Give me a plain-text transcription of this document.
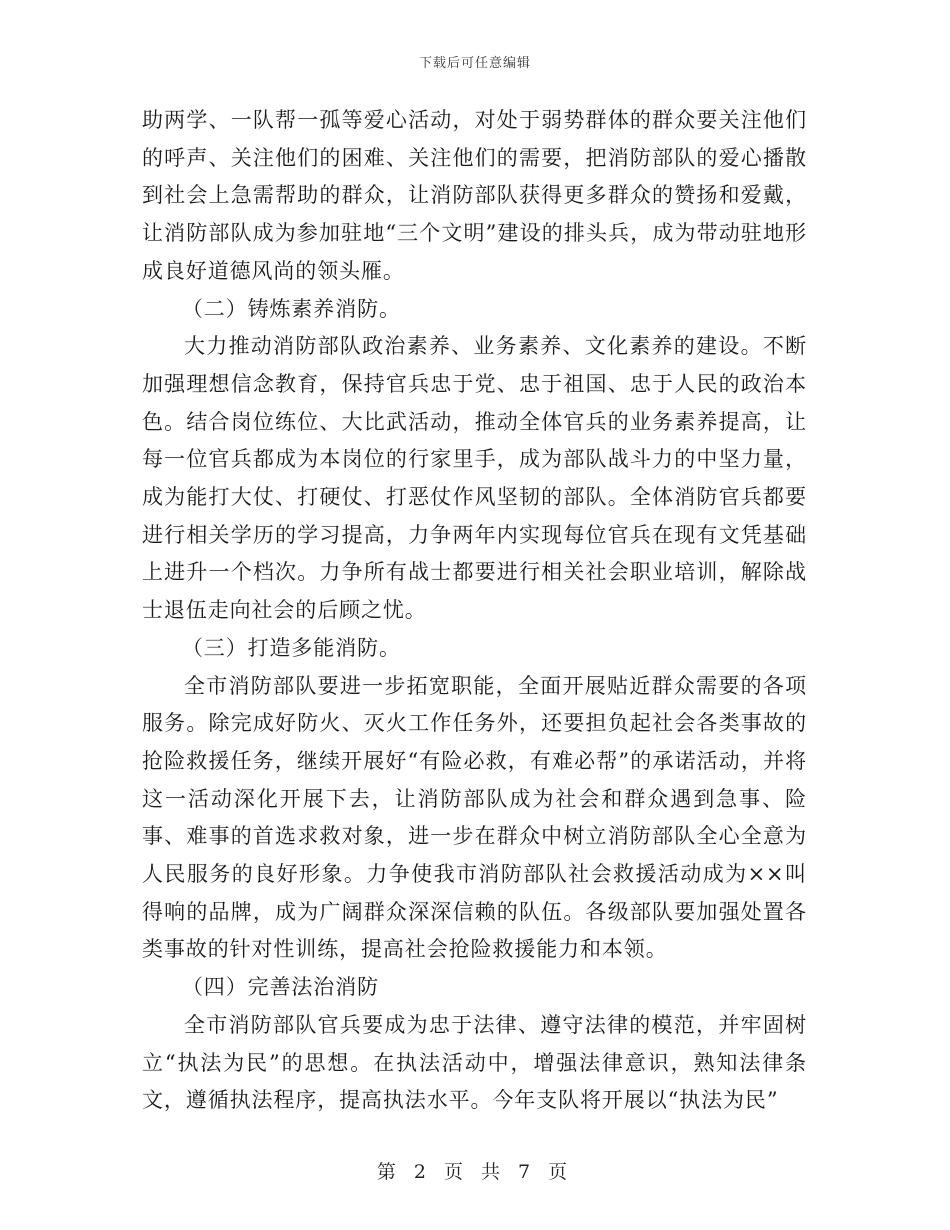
下载后可任意编辑

助两学、一队帮一孤等爱心活动，对处于弱势群体的群众要关注他们的呼声、关注他们的困难、关注他们的需要，把消防部队的爱心播散到社会上急需帮助的群众，让消防部队获得更多群众的赞扬和爱戴，让消防部队成为参加驻地“三个文明”建设的排头兵，成为带动驻地形成良好道德风尚的领头雁。

（二）铸炼素养消防。

大力推动消防部队政治素养、业务素养、文化素养的建设。不断加强理想信念教育，保持官兵忠于党、忠于祖国、忠于人民的政治本色。结合岗位练位、大比武活动，推动全体官兵的业务素养提高，让每一位官兵都成为本岗位的行家里手，成为部队战斗力的中坚力量，成为能打大仗、打硬仗、打恶仗作风坚韧的部队。全体消防官兵都要进行相关学历的学习提高，力争两年内实现每位官兵在现有文凭基础上进升一个档次。力争所有战士都要进行相关社会职业培训，解除战士退伍走向社会的后顾之忧。

（三）打造多能消防。

全市消防部队要进一步拓宽职能，全面开展贴近群众需要的各项服务。除完成好防火、灭火工作任务外，还要担负起社会各类事故的抢险救援任务，继续开展好“有险必救，有难必帮”的承诺活动，并将这一活动深化开展下去，让消防部队成为社会和群众遇到急事、险事、难事的首选求救对象，进一步在群众中树立消防部队全心全意为人民服务的良好形象。力争使我市消防部队社会救援活动成为××叫得响的品牌，成为广阔群众深深信赖的队伍。各级部队要加强处置各类事故的针对性训练，提高社会抢险救援能力和本领。

（四）完善法治消防

全市消防部队官兵要成为忠于法律、遵守法律的模范，并牢固树立“执法为民”的思想。在执法活动中，增强法律意识，熟知法律条文，遵循执法程序，提高执法水平。今年支队将开展以“执法为民”

第 2 页 共 7 页
